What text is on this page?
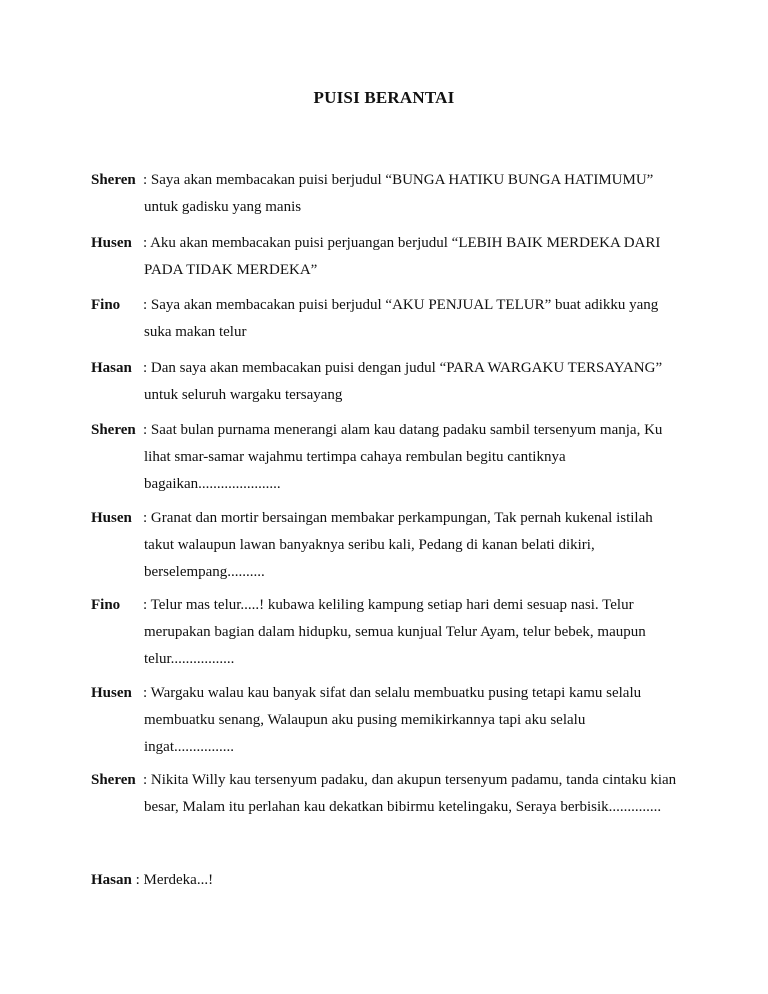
PUISI BERANTAI
Sheren : Saya akan membacakan puisi berjudul “BUNGA HATIKU BUNGA HATIMUMU”
untuk gadisku yang manis
Husen : Aku akan membacakan puisi perjuangan berjudul “LEBIH BAIK MERDEKA DARI
PADA TIDAK MERDEKA”
Fino : Saya akan membacakan puisi berjudul “AKU PENJUAL TELUR” buat adikku yang
suka makan telur
Hasan : Dan saya akan membacakan puisi dengan judul “PARA WARGAKU TERSAYANG”
untuk seluruh wargaku tersayang
Sheren : Saat bulan purnama menerangi alam kau datang padaku sambil tersenyum manja, Ku
lihat smar-samar wajahmu tertimpa cahaya rembulan begitu cantiknya
bagaikan......................
Husen : Granat dan mortir bersaingan membakar perkampungan, Tak pernah kukenal istilah
takut walaupun lawan banyaknya seribu kali, Pedang di kanan belati dikiri,
berselempang..........
Fino : Telur mas telur.....! kubawa keliling kampung setiap hari demi sesuap nasi. Telur
merupakan bagian dalam hidupku, semua kunjual Telur Ayam, telur bebek, maupun
telur.................
Husen : Wargaku walau kau banyak sifat dan selalu membuatku pusing tetapi kamu selalu
membuatku senang, Walaupun aku pusing memikirkannya tapi aku selalu
ingat................
Sheren : Nikita Willy kau tersenyum padaku, dan akupun tersenyum padamu, tanda cintaku kian
besar, Malam itu perlahan kau dekatkan bibirmu ketelingaku, Seraya berbisik..............
Hasan : Merdeka...!
